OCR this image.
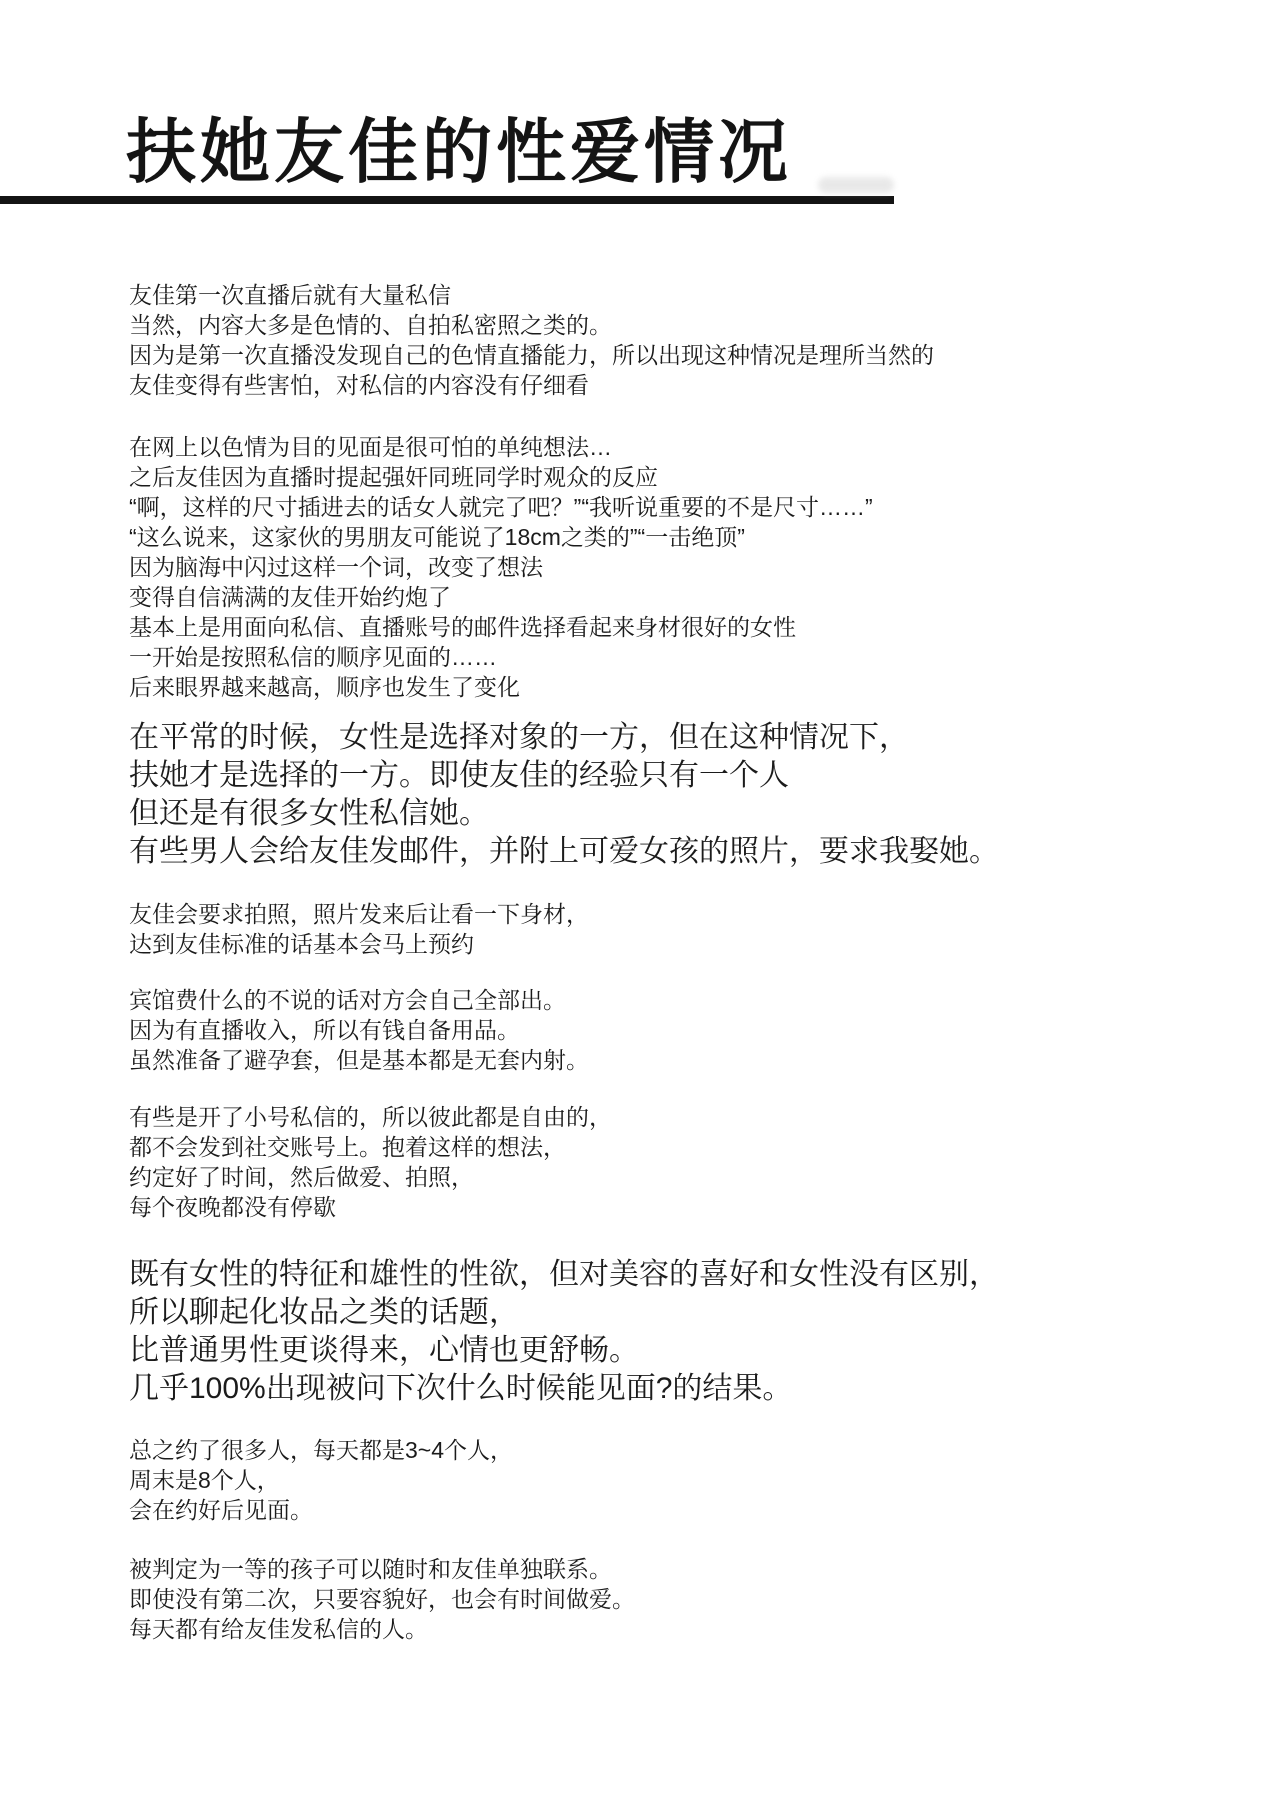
扶她友佳的性爱情况
友佳第一次直播后就有大量私信
当然，内容大多是色情的、自拍私密照之类的。
因为是第一次直播没发现自己的色情直播能力，所以出现这种情况是理所当然的
友佳变得有些害怕，对私信的内容没有仔细看
在网上以色情为目的见面是很可怕的单纯想法…
之后友佳因为直播时提起强奸同班同学时观众的反应
“啊，这样的尺寸插进去的话女人就完了吧？”“我听说重要的不是尺寸……”
“这么说来，这家伙的男朋友可能说了18cm之类的”“一击绝顶”
因为脑海中闪过这样一个词，改变了想法
变得自信满满的友佳开始约炮了
基本上是用面向私信、直播账号的邮件选择看起来身材很好的女性
一开始是按照私信的顺序见面的……
后来眼界越来越高，顺序也发生了变化
在平常的时候，女性是选择对象的一方，但在这种情况下，
扶她才是选择的一方。即使友佳的经验只有一个人
但还是有很多女性私信她。
有些男人会给友佳发邮件，并附上可爱女孩的照片，要求我娶她。
友佳会要求拍照，照片发来后让看一下身材，
达到友佳标准的话基本会马上预约
宾馆费什么的不说的话对方会自己全部出。
因为有直播收入，所以有钱自备用品。
虽然准备了避孕套，但是基本都是无套内射。
有些是开了小号私信的，所以彼此都是自由的，
都不会发到社交账号上。抱着这样的想法，
约定好了时间，然后做爱、拍照，
每个夜晚都没有停歇
既有女性的特征和雄性的性欲，但对美容的喜好和女性没有区别，
所以聊起化妆品之类的话题，
比普通男性更谈得来，心情也更舒畅。
几乎100%出现被问下次什么时候能见面?的结果。
总之约了很多人，每天都是3~4个人，
周末是8个人，
会在约好后见面。
被判定为一等的孩子可以随时和友佳单独联系。
即使没有第二次，只要容貌好，也会有时间做爱。
每天都有给友佳发私信的人。
